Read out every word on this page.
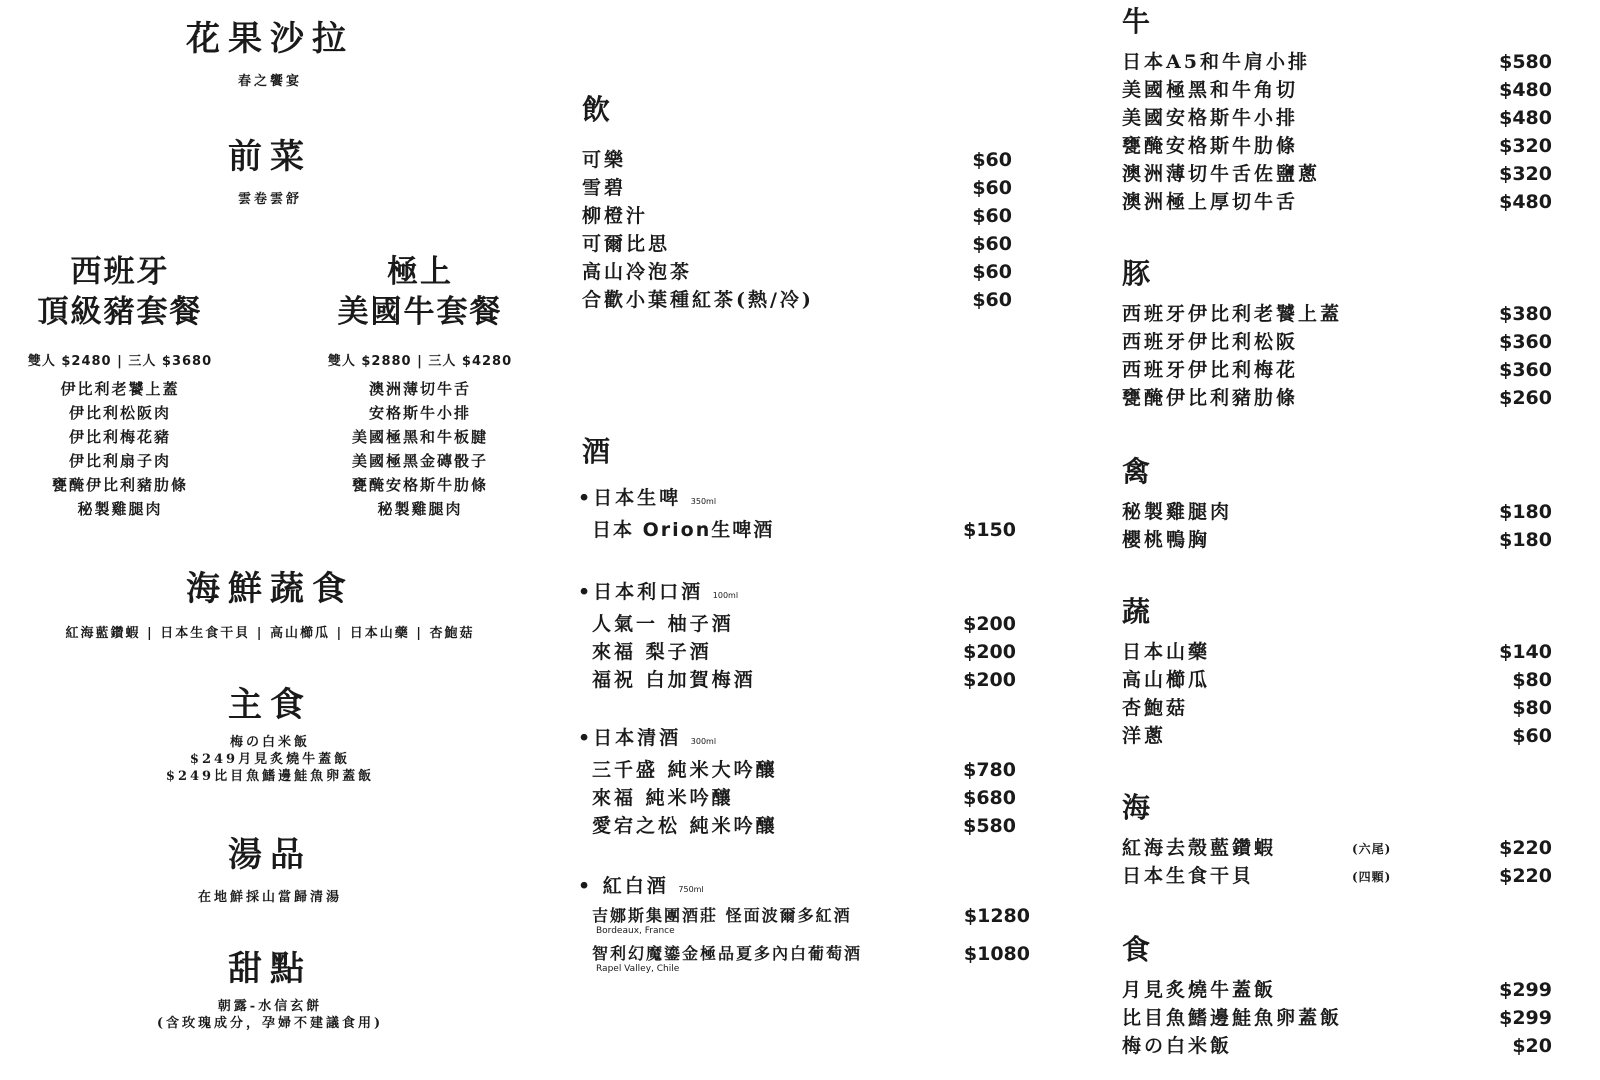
花果沙拉
春之饗宴
前菜
雲卷雲舒
西班牙
頂級豬套餐
雙人 $2480 | 三人 $3680
伊比利老饕上蓋
伊比利松阪肉
伊比利梅花豬
伊比利扇子肉
甕醃伊比利豬肋條
秘製雞腿肉
極上
美國牛套餐
雙人 $2880 | 三人 $4280
澳洲薄切牛舌
安格斯牛小排
美國極黑和牛板腱
美國極黑金磚骰子
甕醃安格斯牛肋條
秘製雞腿肉
海鮮蔬食
紅海藍鑽蝦 | 日本生食干貝 | 高山櫛瓜 | 日本山藥 | 杏鮑菇
主食
梅の白米飯
$249月見炙燒牛蓋飯
$249比目魚鰭邊鮭魚卵蓋飯
湯品
在地鮮採山當歸清湯
甜點
朝露-水信玄餅
(含玫瑰成分，孕婦不建議食用)
飲
可樂	$60
雪碧	$60
柳橙汁	$60
可爾比思	$60
高山冷泡茶	$60
合歡小葉種紅茶(熱/冷)	$60
酒
•日本生啤 350ml
日本 Orion生啤酒	$150
•日本利口酒 100ml
人氣一 柚子酒	$200
來福 梨子酒	$200
福祝 白加賀梅酒	$200
•日本清酒 300ml
三千盛 純米大吟釀	$780
來福 純米吟釀	$680
愛宕之松 純米吟釀	$580
• 紅白酒 750ml
吉娜斯集團酒莊 怪面波爾多紅酒	$1280
Bordeaux, France
智利幻魔鎏金極品夏多內白葡萄酒	$1080
Rapel Valley, Chile
牛
日本A5和牛肩小排	$580
美國極黑和牛角切	$480
美國安格斯牛小排	$480
甕醃安格斯牛肋條	$320
澳洲薄切牛舌佐鹽蔥	$320
澳洲極上厚切牛舌	$480
豚
西班牙伊比利老饕上蓋	$380
西班牙伊比利松阪	$360
西班牙伊比利梅花	$360
甕醃伊比利豬肋條	$260
禽
秘製雞腿肉	$180
櫻桃鴨胸	$180
蔬
日本山藥	$140
高山櫛瓜	$80
杏鮑菇	$80
洋蔥	$60
海
紅海去殼藍鑽蝦	(六尾)	$220
日本生食干貝	(四顆)	$220
食
月見炙燒牛蓋飯	$299
比目魚鰭邊鮭魚卵蓋飯	$299
梅の白米飯	$20
